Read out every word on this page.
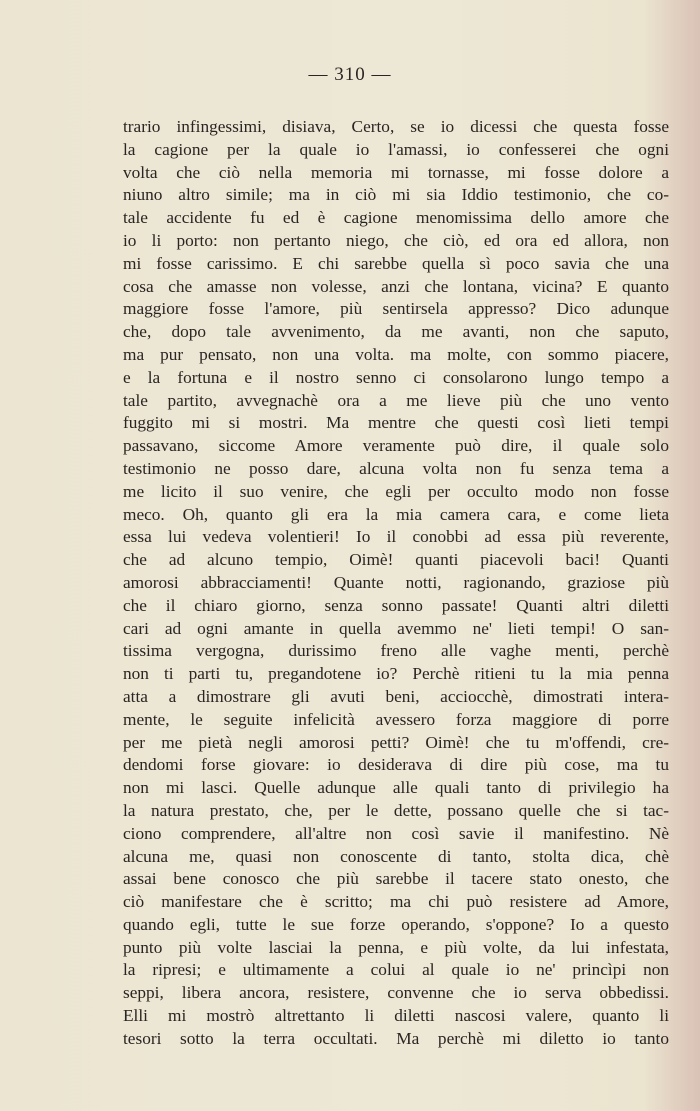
— 310 —
trario infingessimi, disiava, Certo, se io dicessi che questa fosse
la cagione per la quale io l'amassi, io confesserei che ogni
volta che ciò nella memoria mi tornasse, mi fosse dolore a
niuno altro simile; ma in ciò mi sia Iddio testimonio, che co-
tale accidente fu ed è cagione menomissima dello amore che
io li porto: non pertanto niego, che ciò, ed ora ed allora, non
mi fosse carissimo. E chi sarebbe quella sì poco savia che una
cosa che amasse non volesse, anzi che lontana, vicina? E quanto
maggiore fosse l'amore, più sentirsela appresso? Dico adunque
che, dopo tale avvenimento, da me avanti, non che saputo,
ma pur pensato, non una volta. ma molte, con sommo piacere,
e la fortuna e il nostro senno ci consolarono lungo tempo a
tale partito, avvegnachè ora a me lieve più che uno vento
fuggito mi si mostri. Ma mentre che questi così lieti tempi
passavano, siccome Amore veramente può dire, il quale solo
testimonio ne posso dare, alcuna volta non fu senza tema a
me licito il suo venire, che egli per occulto modo non fosse
meco. Oh, quanto gli era la mia camera cara, e come lieta
essa lui vedeva volentieri! Io il conobbi ad essa più reverente,
che ad alcuno tempio, Oimè! quanti piacevoli baci! Quanti
amorosi abbracciamenti! Quante notti, ragionando, graziose più
che il chiaro giorno, senza sonno passate! Quanti altri diletti
cari ad ogni amante in quella avemmo ne' lieti tempi! O san-
tissima vergogna, durissimo freno alle vaghe menti, perchè
non ti parti tu, pregandotene io? Perchè ritieni tu la mia penna
atta a dimostrare gli avuti beni, acciocchè, dimostrati intera-
mente, le seguite infelicità avessero forza maggiore di porre
per me pietà negli amorosi petti? Oimè! che tu m'offendi, cre-
dendomi forse giovare: io desiderava di dire più cose, ma tu
non mi lasci. Quelle adunque alle quali tanto di privilegio ha
la natura prestato, che, per le dette, possano quelle che si tac-
ciono comprendere, all'altre non così savie il manifestino. Nè
alcuna me, quasi non conoscente di tanto, stolta dica, chè
assai bene conosco che più sarebbe il tacere stato onesto, che
ciò manifestare che è scritto; ma chi può resistere ad Amore,
quando egli, tutte le sue forze operando, s'oppone? Io a questo
punto più volte lasciai la penna, e più volte, da lui infestata,
la ripresi; e ultimamente a colui al quale io ne' princìpi non
seppi, libera ancora, resistere, convenne che io serva obbedissi.
Elli mi mostrò altrettanto li diletti nascosi valere, quanto li
tesori sotto la terra occultati. Ma perchè mi diletto io tanto
